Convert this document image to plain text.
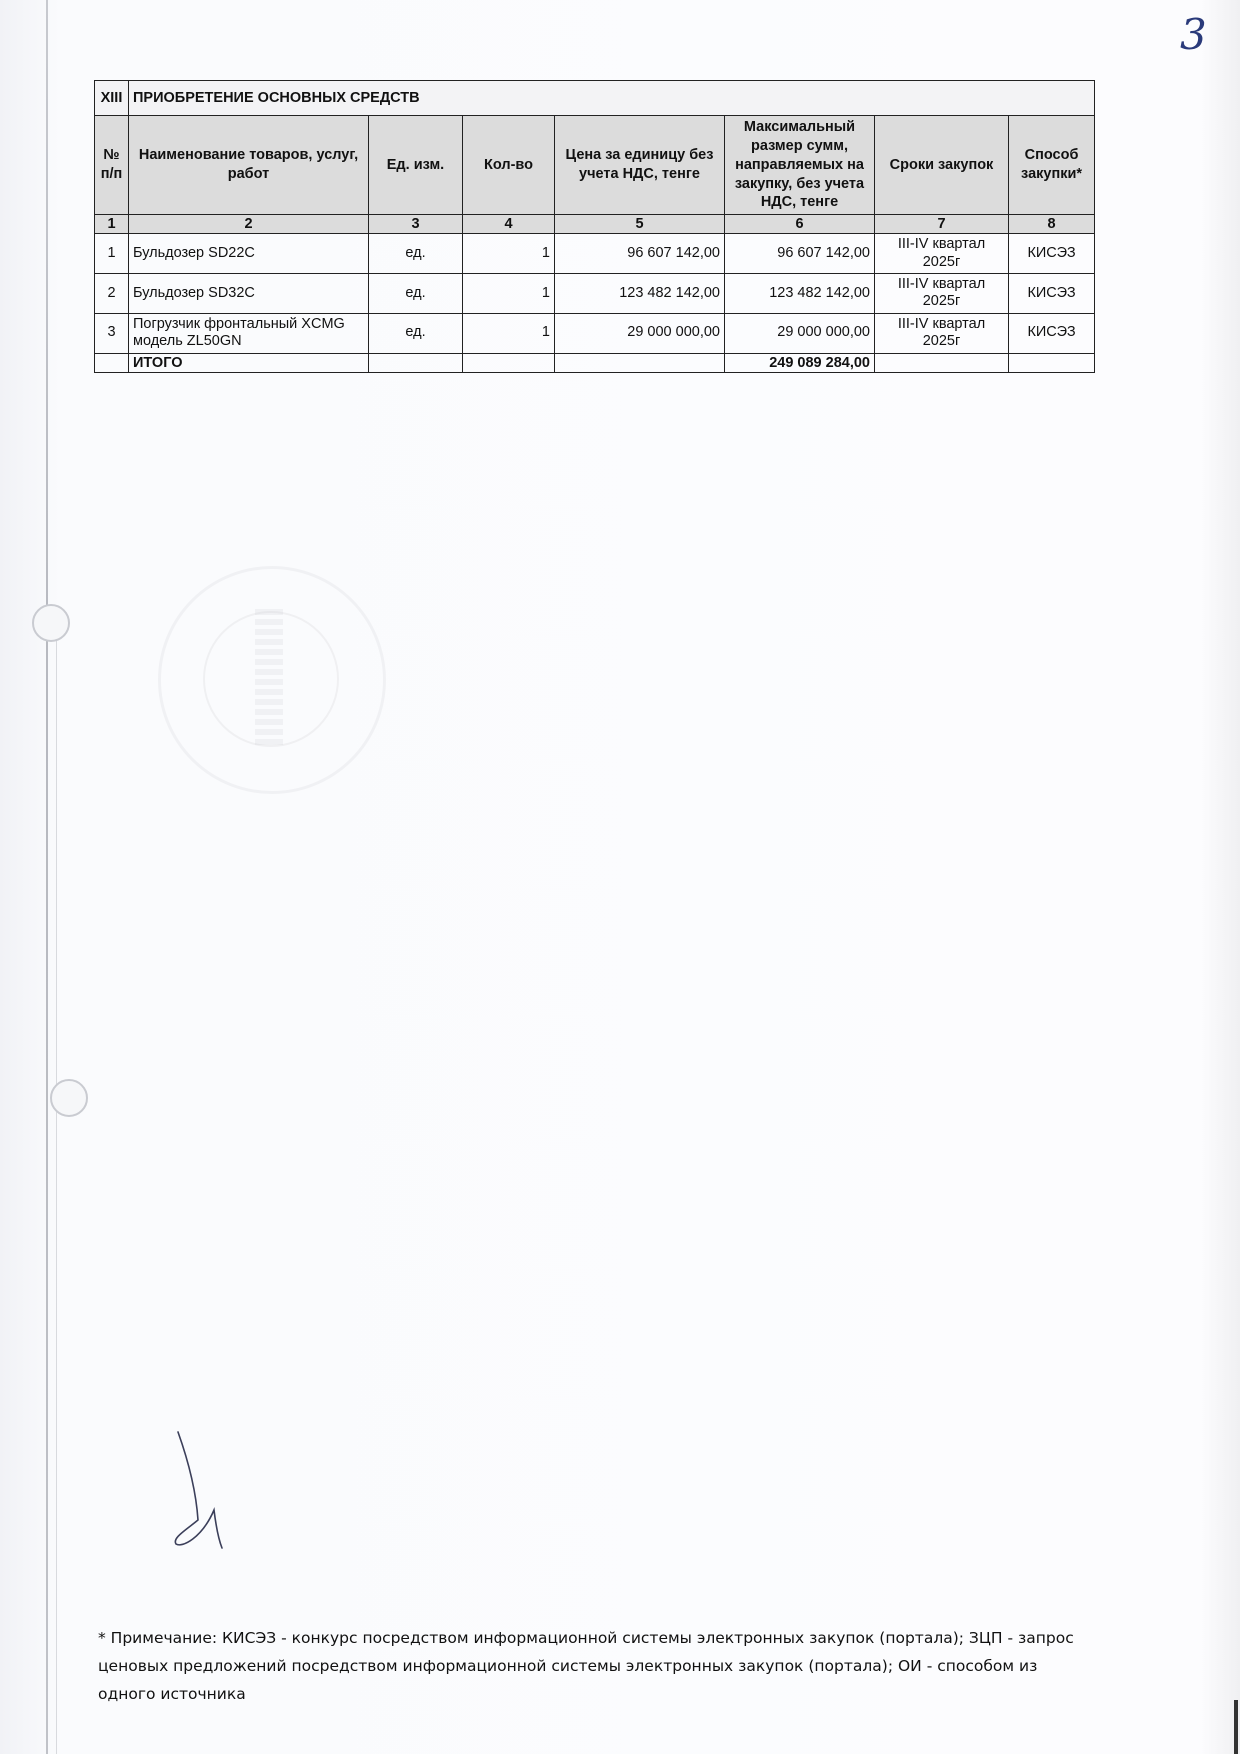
3
XIII	ПРИОБРЕТЕНИЕ ОСНОВНЫХ СРЕДСТВ						
№ п/п	Наименование товаров, услуг, работ	Ед. изм.	Кол-во	Цена за единицу без учета НДС, тенге	Максимальный размер сумм, направляемых на закупку, без учета НДС, тенге	Сроки закупок	Способ закупки*
1	2	3	4	5	6	7	8
1	Бульдозер SD22C	ед.	1	96 607 142,00	96 607 142,00	III-IV квартал 2025г	КИСЭЗ
2	Бульдозер SD32C	ед.	1	123 482 142,00	123 482 142,00	III-IV квартал 2025г	КИСЭЗ
3	Погрузчик фронтальный XCMG модель ZL50GN	ед.	1	29 000 000,00	29 000 000,00	III-IV квартал 2025г	КИСЭЗ
	ИТОГО				249 089 284,00		
* Примечание: КИСЭЗ - конкурс посредством информационной системы электронных закупок (портала); ЗЦП - запрос ценовых предложений посредством информационной системы электронных закупок (портала); ОИ - способом из одного источника
